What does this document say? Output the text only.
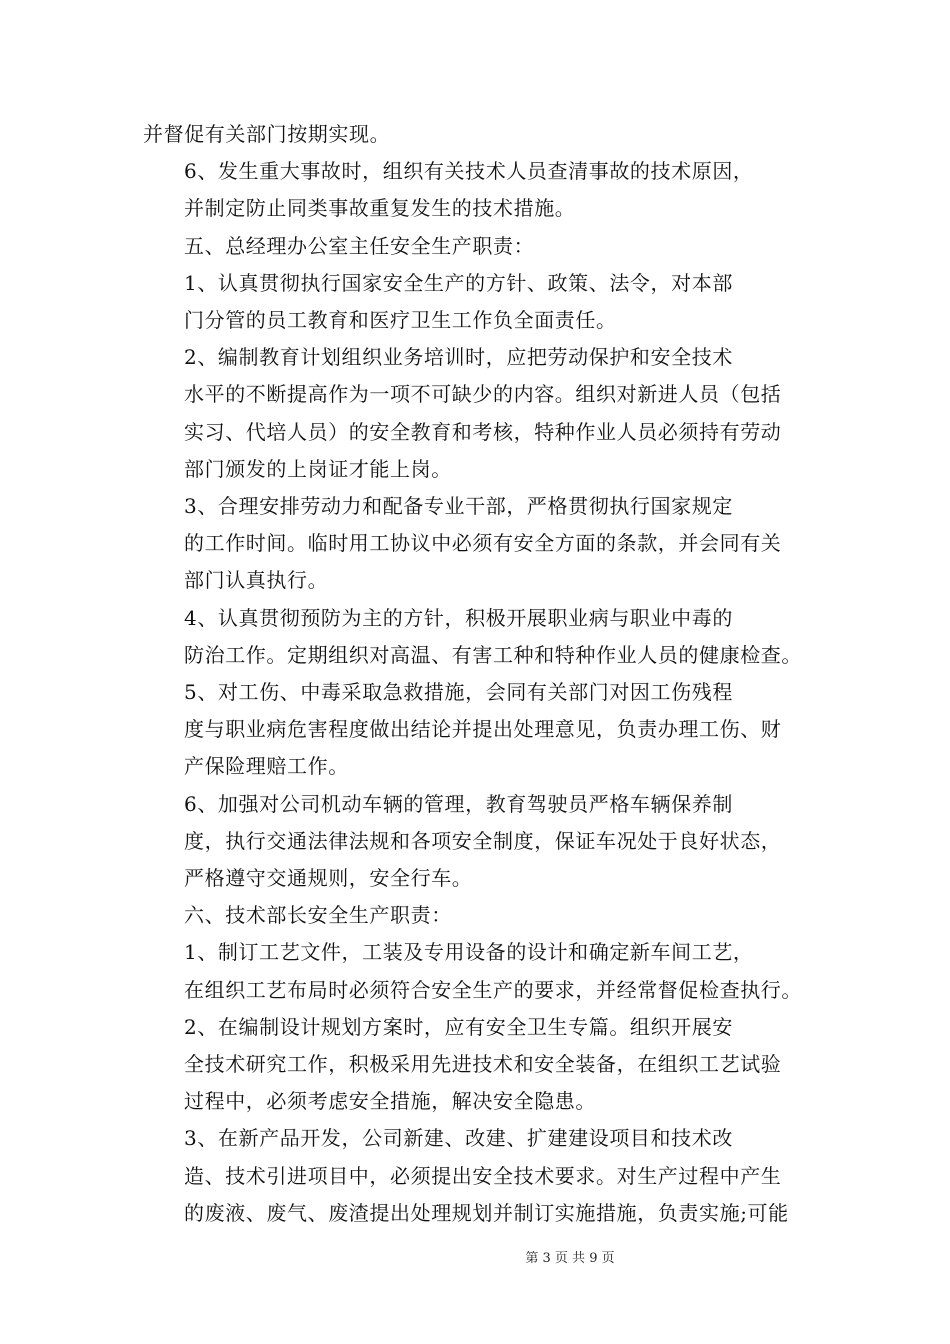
并督促有关部门按期实现。

6、发生重大事故时，组织有关技术人员查清事故的技术原因，
并制定防止同类事故重复发生的技术措施。

五、总经理办公室主任安全生产职责：

1、认真贯彻执行国家安全生产的方针、政策、法令，对本部
门分管的员工教育和医疗卫生工作负全面责任。

2、编制教育计划组织业务培训时，应把劳动保护和安全技术
水平的不断提高作为一项不可缺少的内容。组织对新进人员（包括
实习、代培人员）的安全教育和考核，特种作业人员必须持有劳动
部门颁发的上岗证才能上岗。

3、合理安排劳动力和配备专业干部，严格贯彻执行国家规定
的工作时间。临时用工协议中必须有安全方面的条款，并会同有关
部门认真执行。

4、认真贯彻预防为主的方针，积极开展职业病与职业中毒的
防治工作。定期组织对高温、有害工种和特种作业人员的健康检查。

5、对工伤、中毒采取急救措施，会同有关部门对因工伤残程
度与职业病危害程度做出结论并提出处理意见，负责办理工伤、财
产保险理赔工作。

6、加强对公司机动车辆的管理，教育驾驶员严格车辆保养制
度，执行交通法律法规和各项安全制度，保证车况处于良好状态，
严格遵守交通规则，安全行车。

六、技术部长安全生产职责：

1、制订工艺文件，工装及专用设备的设计和确定新车间工艺，
在组织工艺布局时必须符合安全生产的要求，并经常督促检查执行。

2、在编制设计规划方案时，应有安全卫生专篇。组织开展安
全技术研究工作，积极采用先进技术和安全装备，在组织工艺试验
过程中，必须考虑安全措施，解决安全隐患。

3、在新产品开发，公司新建、改建、扩建建设项目和技术改
造、技术引进项目中，必须提出安全技术要求。对生产过程中产生
的废液、废气、废渣提出处理规划并制订实施措施，负责实施;可能

第 3 页 共 9 页
